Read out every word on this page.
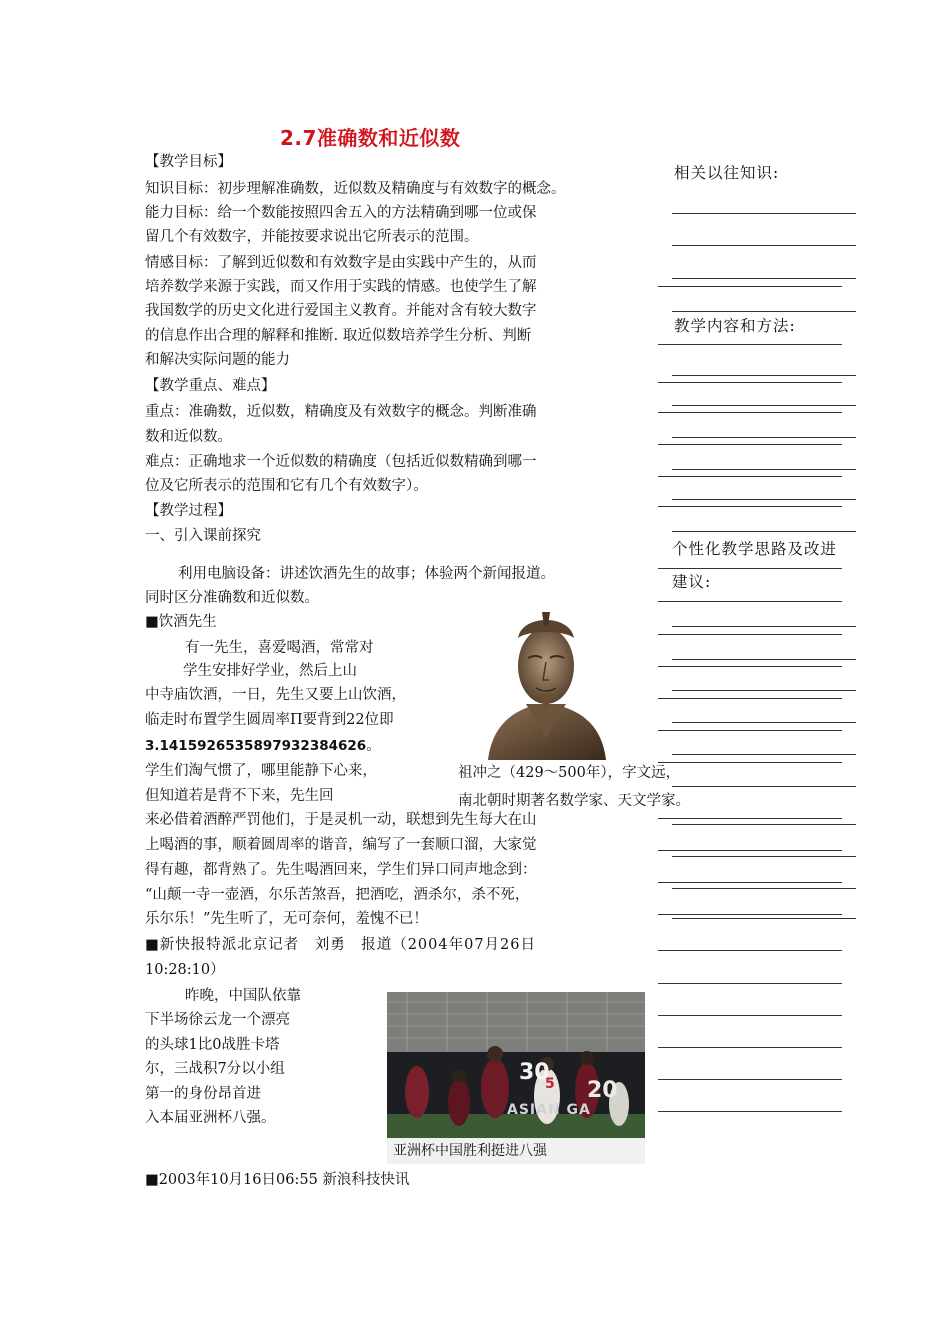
2.7准确数和近似数
【教学目标】
知识目标：初步理解准确数，近似数及精确度与有效数字的概念。
能力目标：给一个数能按照四舍五入的方法精确到哪一位或保
留几个有效数字，并能按要求说出它所表示的范围。
情感目标：了解到近似数和有效数字是由实践中产生的，从而
培养数学来源于实践，而又作用于实践的情感。也使学生了解
我国数学的历史文化进行爱国主义教育。并能对含有较大数字
的信息作出合理的解释和推断. 取近似数培养学生分析、判断
和解决实际问题的能力
【教学重点、难点】
重点：准确数，近似数，精确度及有效数字的概念。判断准确
数和近似数。
难点：正确地求一个近似数的精确度（包括近似数精确到哪一
位及它所表示的范围和它有几个有效数字）。
【教学过程】
一、引入课前探究
利用电脑设备：讲述饮酒先生的故事；体验两个新闻报道。
同时区分准确数和近似数。
■饮酒先生
有一先生，喜爱喝酒，常常对
学生安排好学业，然后上山
中寺庙饮酒，一日，先生又要上山饮酒，
临走时布置学生圆周率Π要背到22位即
3.1415926535897932384626。
学生们淘气惯了，哪里能静下心来，
但知道若是背不下来，先生回
来必借着酒醉严罚他们，于是灵机一动，联想到先生每大在山
上喝酒的事，顺着圆周率的谐音，编写了一套顺口溜，大家觉
得有趣，都背熟了。先生喝酒回来，学生们异口同声地念到：
“山颠一寺一壶酒，尔乐苦煞吾，把酒吃，酒杀尔，杀不死，
乐尔乐！”先生听了，无可奈何，羞愧不已！
■新快报特派北京记者　刘勇　报道（2004年07月26日
10:28:10）
昨晚，中国队依靠
下半场徐云龙一个漂亮
的头球1比0战胜卡塔
尔，三战积7分以小组
第一的身份昂首进
入本届亚洲杯八强。
■2003年10月16日06:55 新浪科技快讯
祖冲之（429～500年），字文远，
南北朝时期著名数学家、天文学家。
30
ASIAN GA
20
5
亚洲杯中国胜利挺进八强
相关以往知识:
教学内容和方法:
个性化教学思路及改进
建议:
